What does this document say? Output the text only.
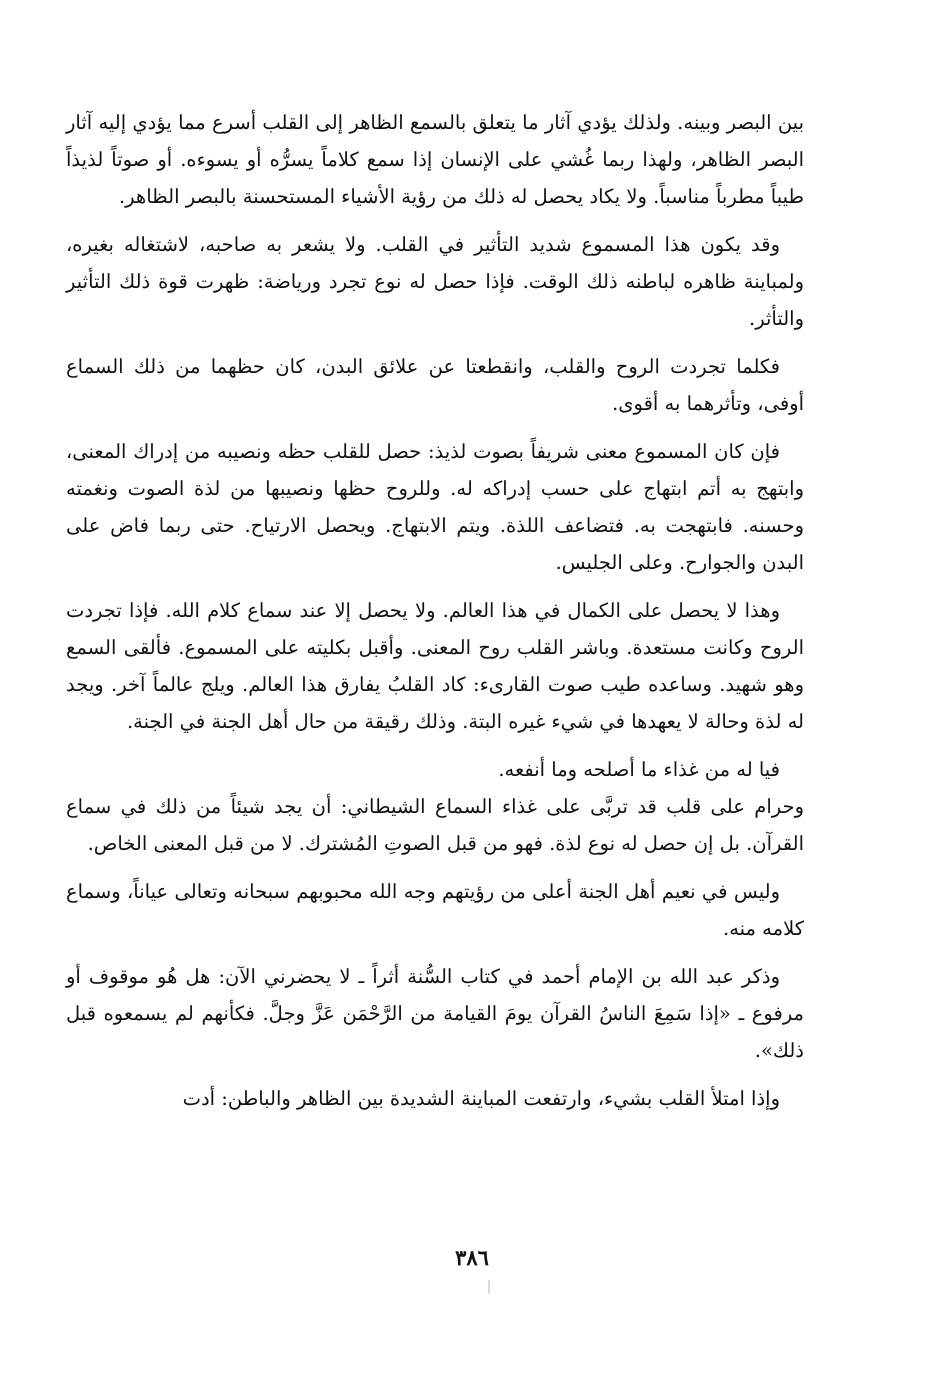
بين البصر وبينه. ولذلك يؤدي آثار ما يتعلق بالسمع الظاهر إلى القلب أسرع مما يؤدي إليه آثار البصر الظاهر، ولهذا ربما غُشي على الإنسان إذا سمع كلاماً يسرُّه أو يسوءه. أو صوتاً لذيذاً طيباً مطرباً مناسباً. ولا يكاد يحصل له ذلك من رؤية الأشياء المستحسنة بالبصر الظاهر.

وقد يكون هذا المسموع شديد التأثير في القلب. ولا يشعر به صاحبه، لاشتغاله بغيره، ولمباينة ظاهره لباطنه ذلك الوقت. فإذا حصل له نوع تجرد ورياضة: ظهرت قوة ذلك التأثير والتأثر.

فكلما تجردت الروح والقلب، وانقطعتا عن علائق البدن، كان حظهما من ذلك السماع أوفى، وتأثرهما به أقوى.

فإن كان المسموع معنى شريفاً بصوت لذيذ: حصل للقلب حظه ونصيبه من إدراك المعنى، وابتهج به أتم ابتهاج على حسب إدراكه له. وللروح حظها ونصيبها من لذة الصوت ونغمته وحسنه. فابتهجت به. فتضاعف اللذة. ويتم الابتهاج. ويحصل الارتياح. حتى ربما فاض على البدن والجوارح. وعلى الجليس.

وهذا لا يحصل على الكمال في هذا العالم. ولا يحصل إلا عند سماع كلام الله. فإذا تجردت الروح وكانت مستعدة. وباشر القلب روح المعنى. وأقبل بكليته على المسموع. فألقى السمع وهو شهيد. وساعده طيب صوت القارىء: كاد القلبُ يفارق هذا العالم. ويلج عالماً آخر. ويجد له لذة وحالة لا يعهدها في شيء غيره البتة. وذلك رقيقة من حال أهل الجنة في الجنة.

فيا له من غذاء ما أصلحه وما أنفعه.

وحرام على قلب قد تربَّى على غذاء السماع الشيطاني: أن يجد شيئاً من ذلك في سماع القرآن. بل إن حصل له نوع لذة. فهو من قبل الصوتِ المُشترك. لا من قبل المعنى الخاص.

وليس في نعيم أهل الجنة أعلى من رؤيتهم وجه الله محبوبهم سبحانه وتعالى عياناً، وسماع كلامه منه.

وذكر عبد الله بن الإمام أحمد في كتاب السُّنة أثراً ـ لا يحضرني الآن: هل هُو موقوف أو مرفوع ـ «إذا سَمِعَ الناسُ القرآن يومَ القيامة من الرَّحْمَن عَزَّ وجلَّ. فكأنهم لم يسمعوه قبل ذلك».

وإذا امتلأ القلب بشيء، وارتفعت المباينة الشديدة بين الظاهر والباطن: أدت

٣٨٦
